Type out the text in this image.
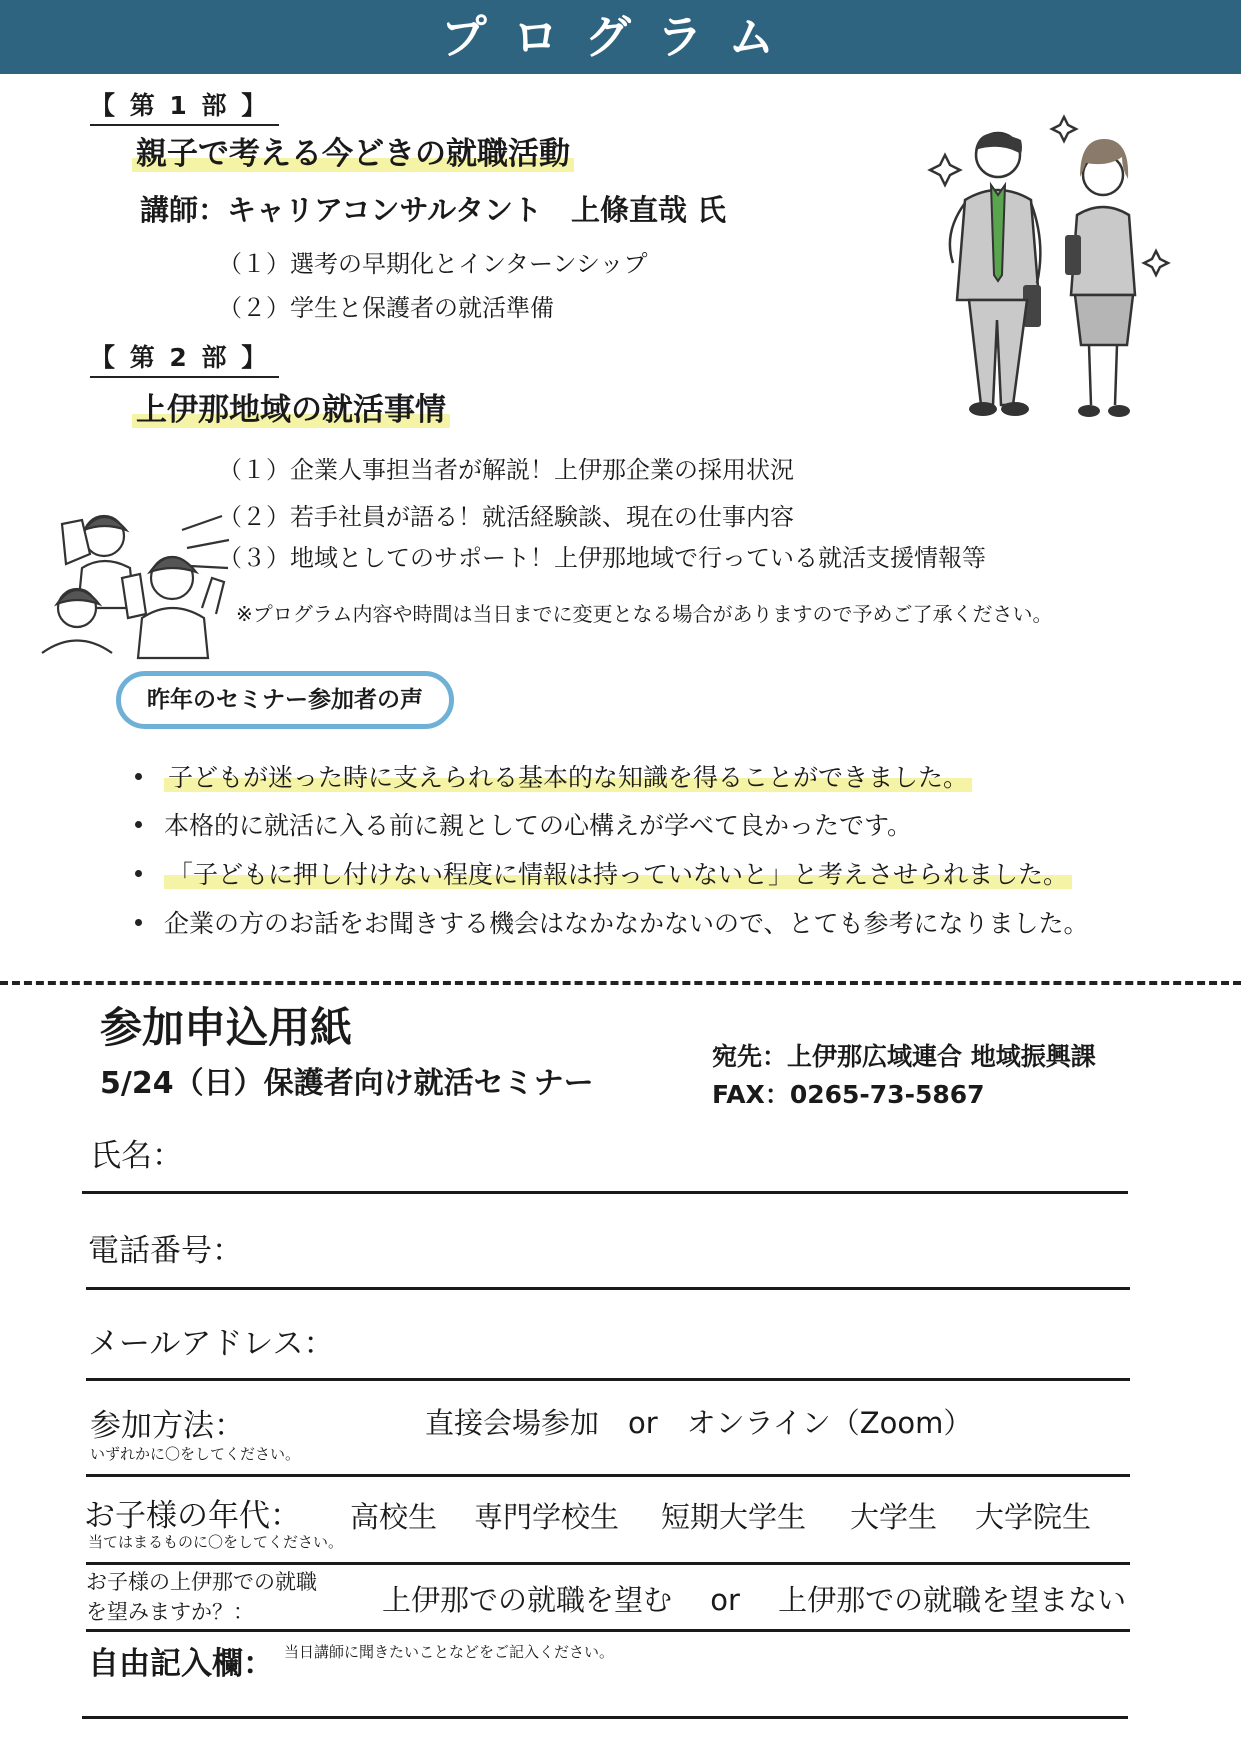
プログラム
【 第 1 部 】
親子で考える今どきの就職活動
講師：キャリアコンサルタント　上條直哉 氏
（１）選考の早期化とインターンシップ
（２）学生と保護者の就活準備
【 第 2 部 】
上伊那地域の就活事情
（１）企業人事担当者が解説！上伊那企業の採用状況
（２）若手社員が語る！就活経験談、現在の仕事内容
（３）地域としてのサポート！上伊那地域で行っている就活支援情報等
※プログラム内容や時間は当日までに変更となる場合がありますので予めご了承ください。
昨年のセミナー参加者の声
子どもが迷った時に支えられる基本的な知識を得ることができました。
本格的に就活に入る前に親としての心構えが学べて良かったです。
「子どもに押し付けない程度に情報は持っていないと」と考えさせられました。
企業の方のお話をお聞きする機会はなかなかないので、とても参考になりました。
参加申込用紙
5/24（日）保護者向け就活セミナー
宛先：上伊那広域連合 地域振興課
FAX：0265-73-5867
氏名：
電話番号：
メールアドレス：
参加方法：
いずれかに〇をしてください。
直接会場参加　or　オンライン（Zoom）
お子様の年代：
当てはまるものに〇をしてください。
高校生 専門学校生 短期大学生 大学生 大学院生
お子様の上伊那での就職
を望みますか？：	上伊那での就職を望む　 or　 上伊那での就職を望まない
自由記入欄： 当日講師に聞きたいことなどをご記入ください。
